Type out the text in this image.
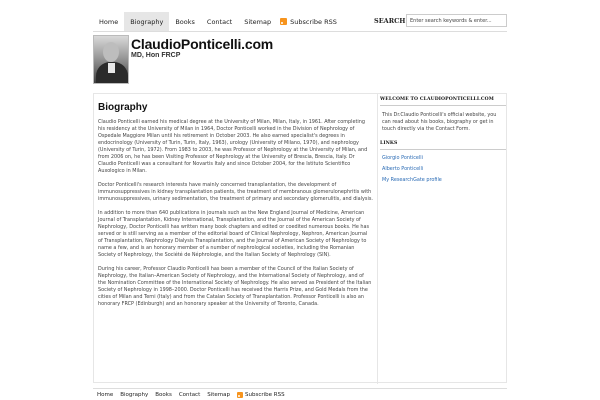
Home	Biography	Books	Contact	Sitemap	Subscribe RSS	SEARCH
Enter search keywords & enter...
ClaudioPonticelli.com
MD, Hon FRCP
Biography

Claudio Ponticelli earned his medical degree at the University of Milan, Milan, Italy, in 1961. After completing his residency at the University of Milan in 1964, Doctor Ponticelli worked in the Division of Nephrology of Ospedale Maggiore Milan until his retirement in October 2003. He also earned specialist's degrees in endocrinology (University of Turin, Turin, Italy, 1963), urology (University of Milano, 1970), and nephrology (University of Turin, 1972). From 1983 to 2003, he was Professor of Nephrology at the University of Milan, and from 2006 on, he has been Visiting Professor of Nephrology at the University of Brescia, Brescia, Italy. Dr Claudio Ponticelli was a consultant for Novartis Italy and since October 2004, for the Istituto Scientifico Auxologico in Milan.

Doctor Ponticelli's research interests have mainly concerned transplantation, the development of immunosuppressives in kidney transplantation patients, the treatment of membranous glomerulonephritis with immunosuppressives, urinary sedimentation, the treatment of primary and secondary glomerulitis, and dialysis.

In addition to more than 640 publications in journals such as the New England Journal of Medicine, American Journal of Transplantation, Kidney International, Transplantation, and the Journal of the American Society of Nephrology, Doctor Ponticelli has written many book chapters and edited or coedited numerous books. He has served or is still serving as a member of the editorial board of Clinical Nephrology, Nephron, American Journal of Transplantation, Nephrology Dialysis Transplantation, and the Journal of American Society of Nephrology to name a few, and is an honorary member of a number of nephrological societies, including the Romanian Society of Nephrology, the Société de Néphrologie, and the Italian Society of Nephrology (SIN).

During his career, Professor Claudio Ponticelli has been a member of the Council of the Italian Society of Nephrology, the Italian–American Society of Nephrology, and the International Society of Nephrology, and of the Nomination Committee of the International Society of Nephrology. He also served as President of the Italian Society of Nephrology in 1998–2000. Doctor Ponticelli has received the Harris Prize, and Gold Medals from the cities of Milan and Terni (Italy) and from the Catalan Society of Transplantation. Professor Ponticelli is also an honorary FRCP (Edinburgh) and an honorary speaker at the University of Toronto, Canada.

WELCOME TO CLAUDIOPONTICELLI.COM
This Dr.Claudio Ponticelli's official website, you can read about his books, biography or get in touch directly via the Contact Form.
LINKS
Giorgio Ponticelli
Alberto Ponticelli
My ResearchGate profile
Home Biography Books Contact Sitemap	Subscribe RSS
